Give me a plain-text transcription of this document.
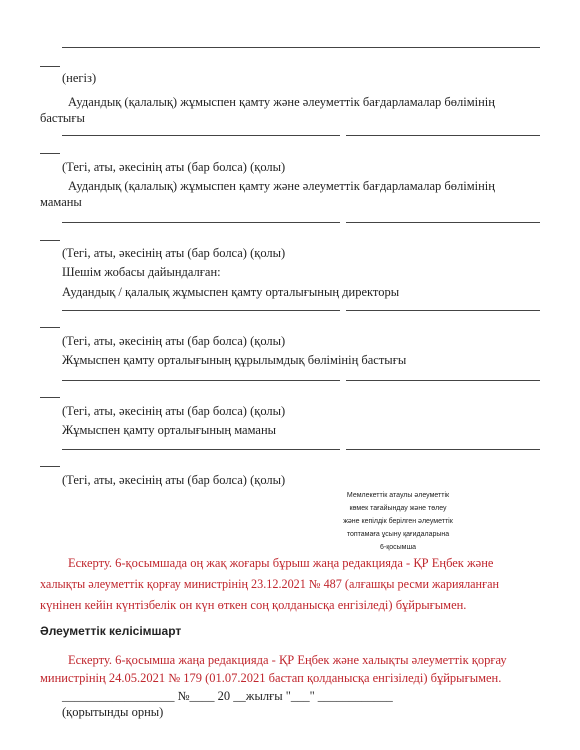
(негіз)
Аудандық (қалалық) жұмыспен қамту және әлеуметтік бағдарламалар бөлімінің
бастығы
(Тегі, аты, әкесінің аты (бар болса) (қолы)
Аудандық (қалалық) жұмыспен қамту және әлеуметтік бағдарламалар бөлімінің
маманы
(Тегі, аты, әкесінің аты (бар болса) (қолы)
Шешім жобасы дайындалған:
Аудандық / қалалық жұмыспен қамту орталығының директоры
(Тегі, аты, әкесінің аты (бар болса) (қолы)
Жұмыспен қамту орталығының құрылымдық бөлімінің бастығы
(Тегі, аты, әкесінің аты (бар болса) (қолы)
Жұмыспен қамту орталығының маманы
(Тегі, аты, әкесінің аты (бар болса) (қолы)
Мемлекеттік атаулы әлеуметтік
көмек тағайындау және төлеу
және кепілдік берілген әлеуметтік
топтамаға ұсыну қағидаларына
6-қосымша
Ескерту. 6-қосымшада оң жақ жоғары бұрыш жаңа редакцияда - ҚР Еңбек және
халықты әлеуметтік қорғау министрінің 23.12.2021 № 487 (алғашқы ресми жарияланған
күнінен кейін күнтізбелік он күн өткен соң қолданысқа енгізіледі) бұйрығымен.
Әлеуметтік келісімшарт
Ескерту. 6-қосымша жаңа редакцияда - ҚР Еңбек және халықты әлеуметтік қорғау
министрінің 24.05.2021 № 179 (01.07.2021 бастап қолданысқа енгізіледі) бұйрығымен.
__________________ №____ 20 __жылғы "___" ____________
(қорытынды орны)
